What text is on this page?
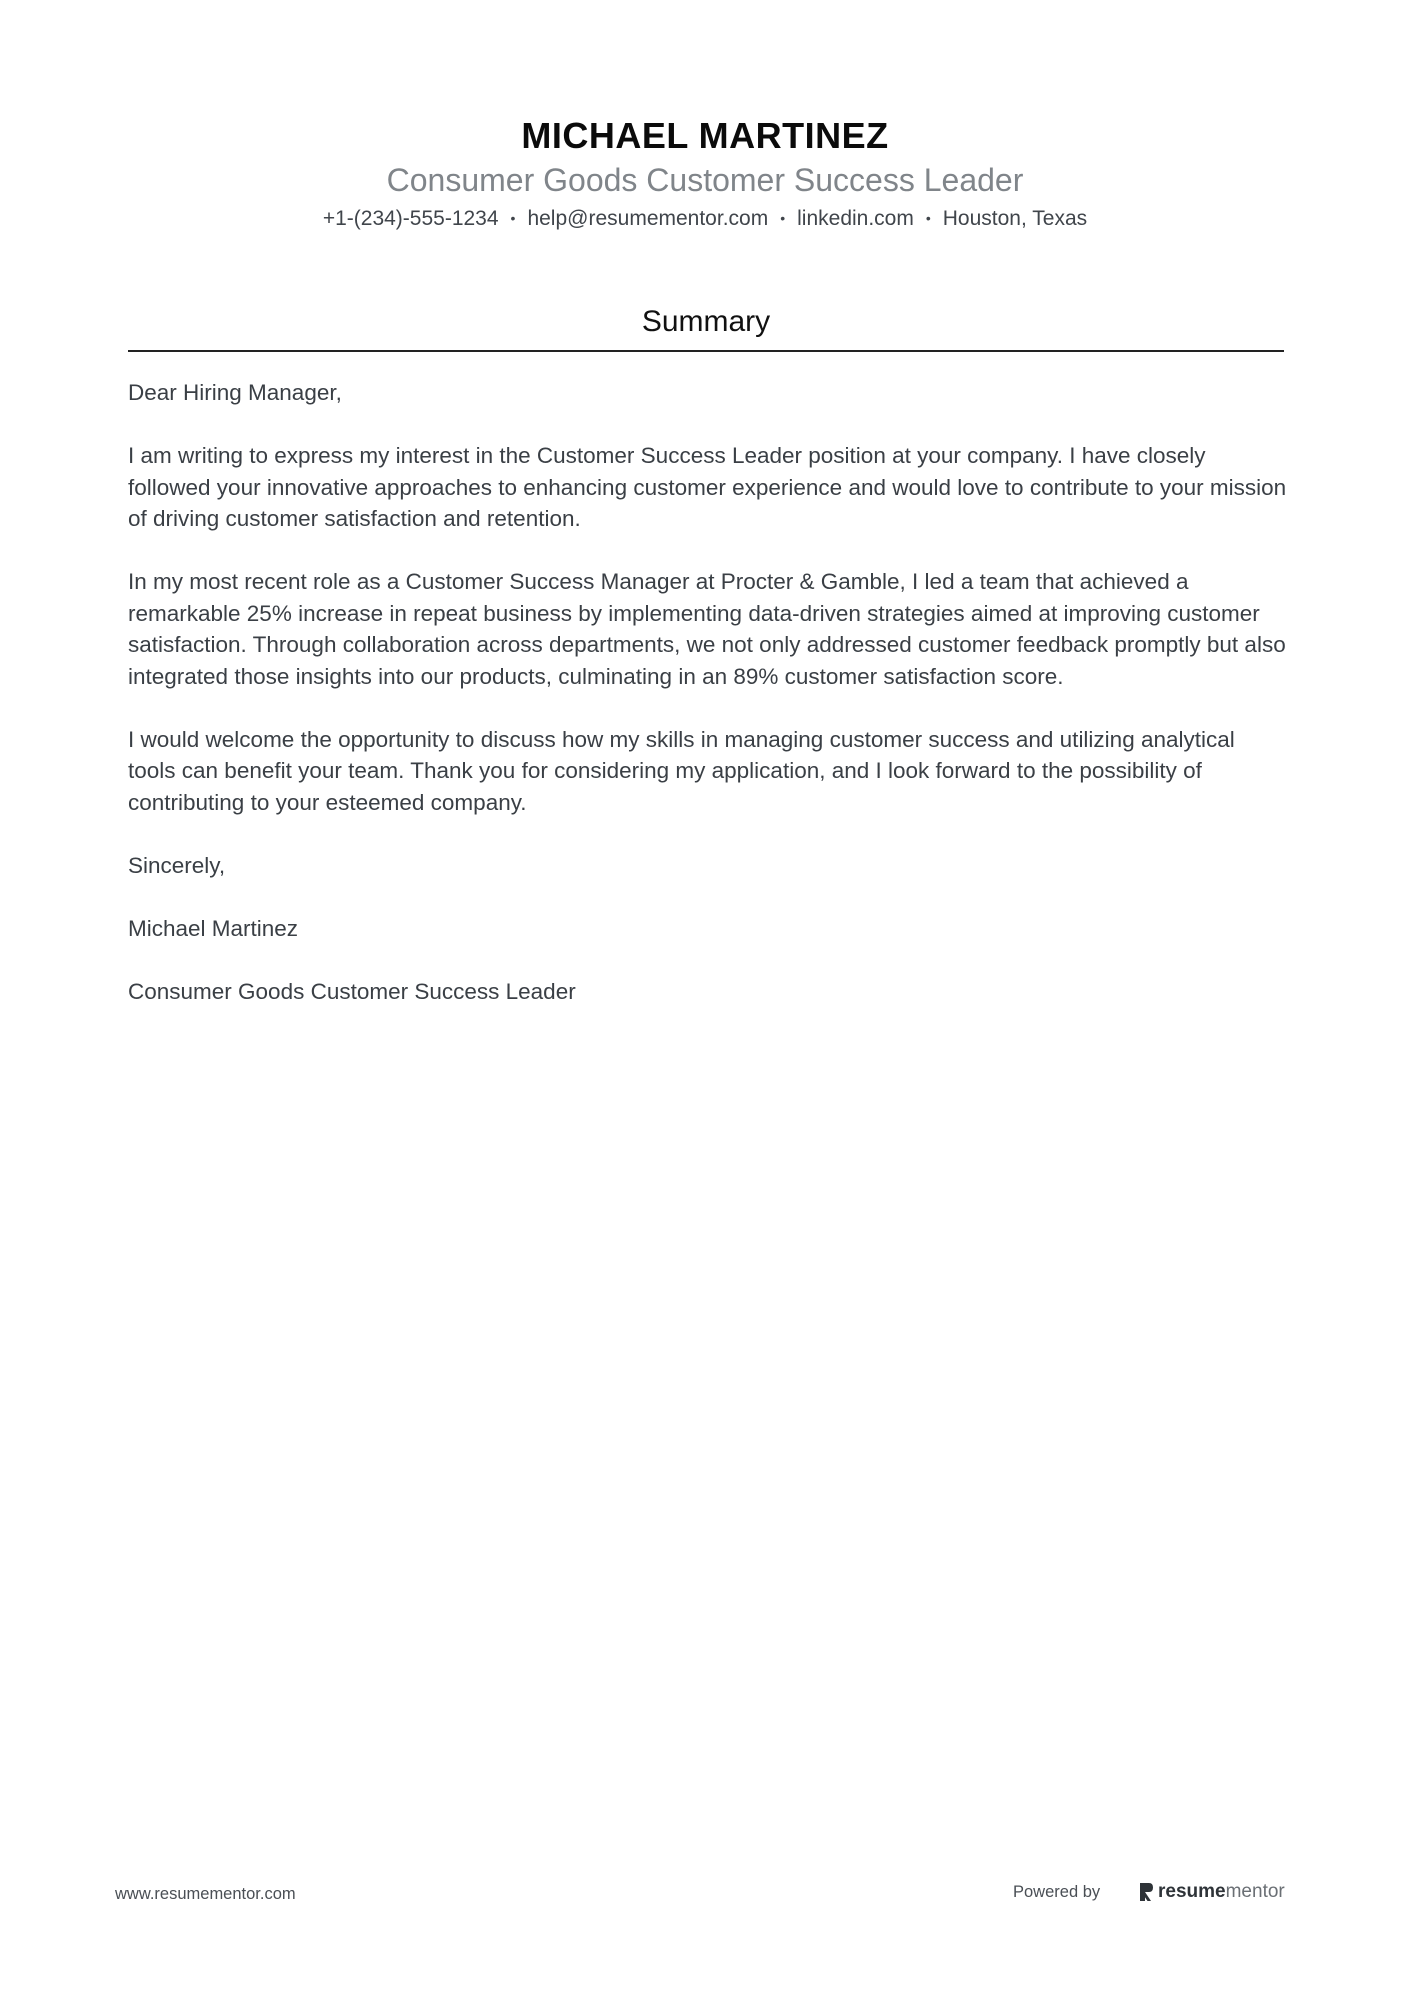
MICHAEL MARTINEZ
Consumer Goods Customer Success Leader
+1-(234)-555-1234 • help@resumementor.com • linkedin.com • Houston, Texas
Summary

Dear Hiring Manager,

I am writing to express my interest in the Customer Success Leader position at your company. I have closely followed your innovative approaches to enhancing customer experience and would love to contribute to your mission of driving customer satisfaction and retention.

In my most recent role as a Customer Success Manager at Procter & Gamble, I led a team that achieved a remarkable 25% increase in repeat business by implementing data-driven strategies aimed at improving customer satisfaction. Through collaboration across departments, we not only addressed customer feedback promptly but also integrated those insights into our products, culminating in an 89% customer satisfaction score.

I would welcome the opportunity to discuss how my skills in managing customer success and utilizing analytical tools can benefit your team. Thank you for considering my application, and I look forward to the possibility of contributing to your esteemed company.

Sincerely,

Michael Martinez

Consumer Goods Customer Success Leader

www.resumementor.com	Powered by	resume mentor
